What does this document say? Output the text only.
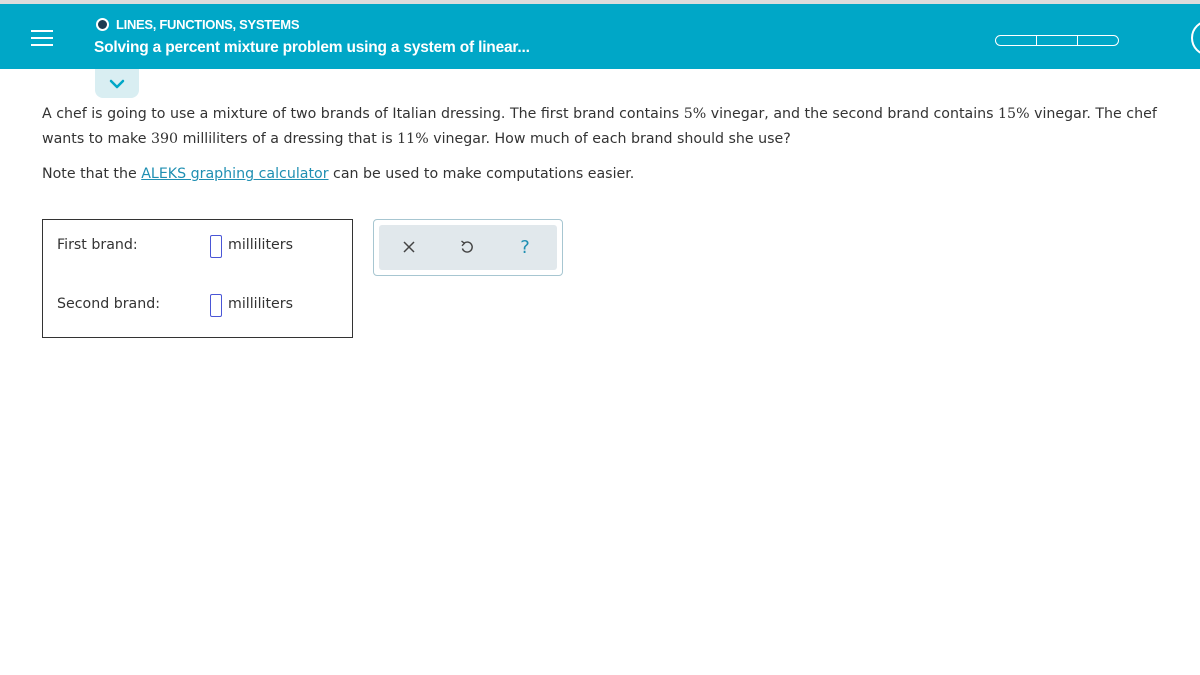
LINES, FUNCTIONS, SYSTEMS
Solving a percent mixture problem using a system of linear...
A chef is going to use a mixture of two brands of Italian dressing. The first brand contains 5% vinegar, and the second brand contains 15% vinegar. The chef
wants to make 390 milliliters of a dressing that is 11% vinegar. How much of each brand should she use?
Note that the ALEKS graphing calculator can be used to make computations easier.
First brand:	milliliters
Second brand:	milliliters
?
